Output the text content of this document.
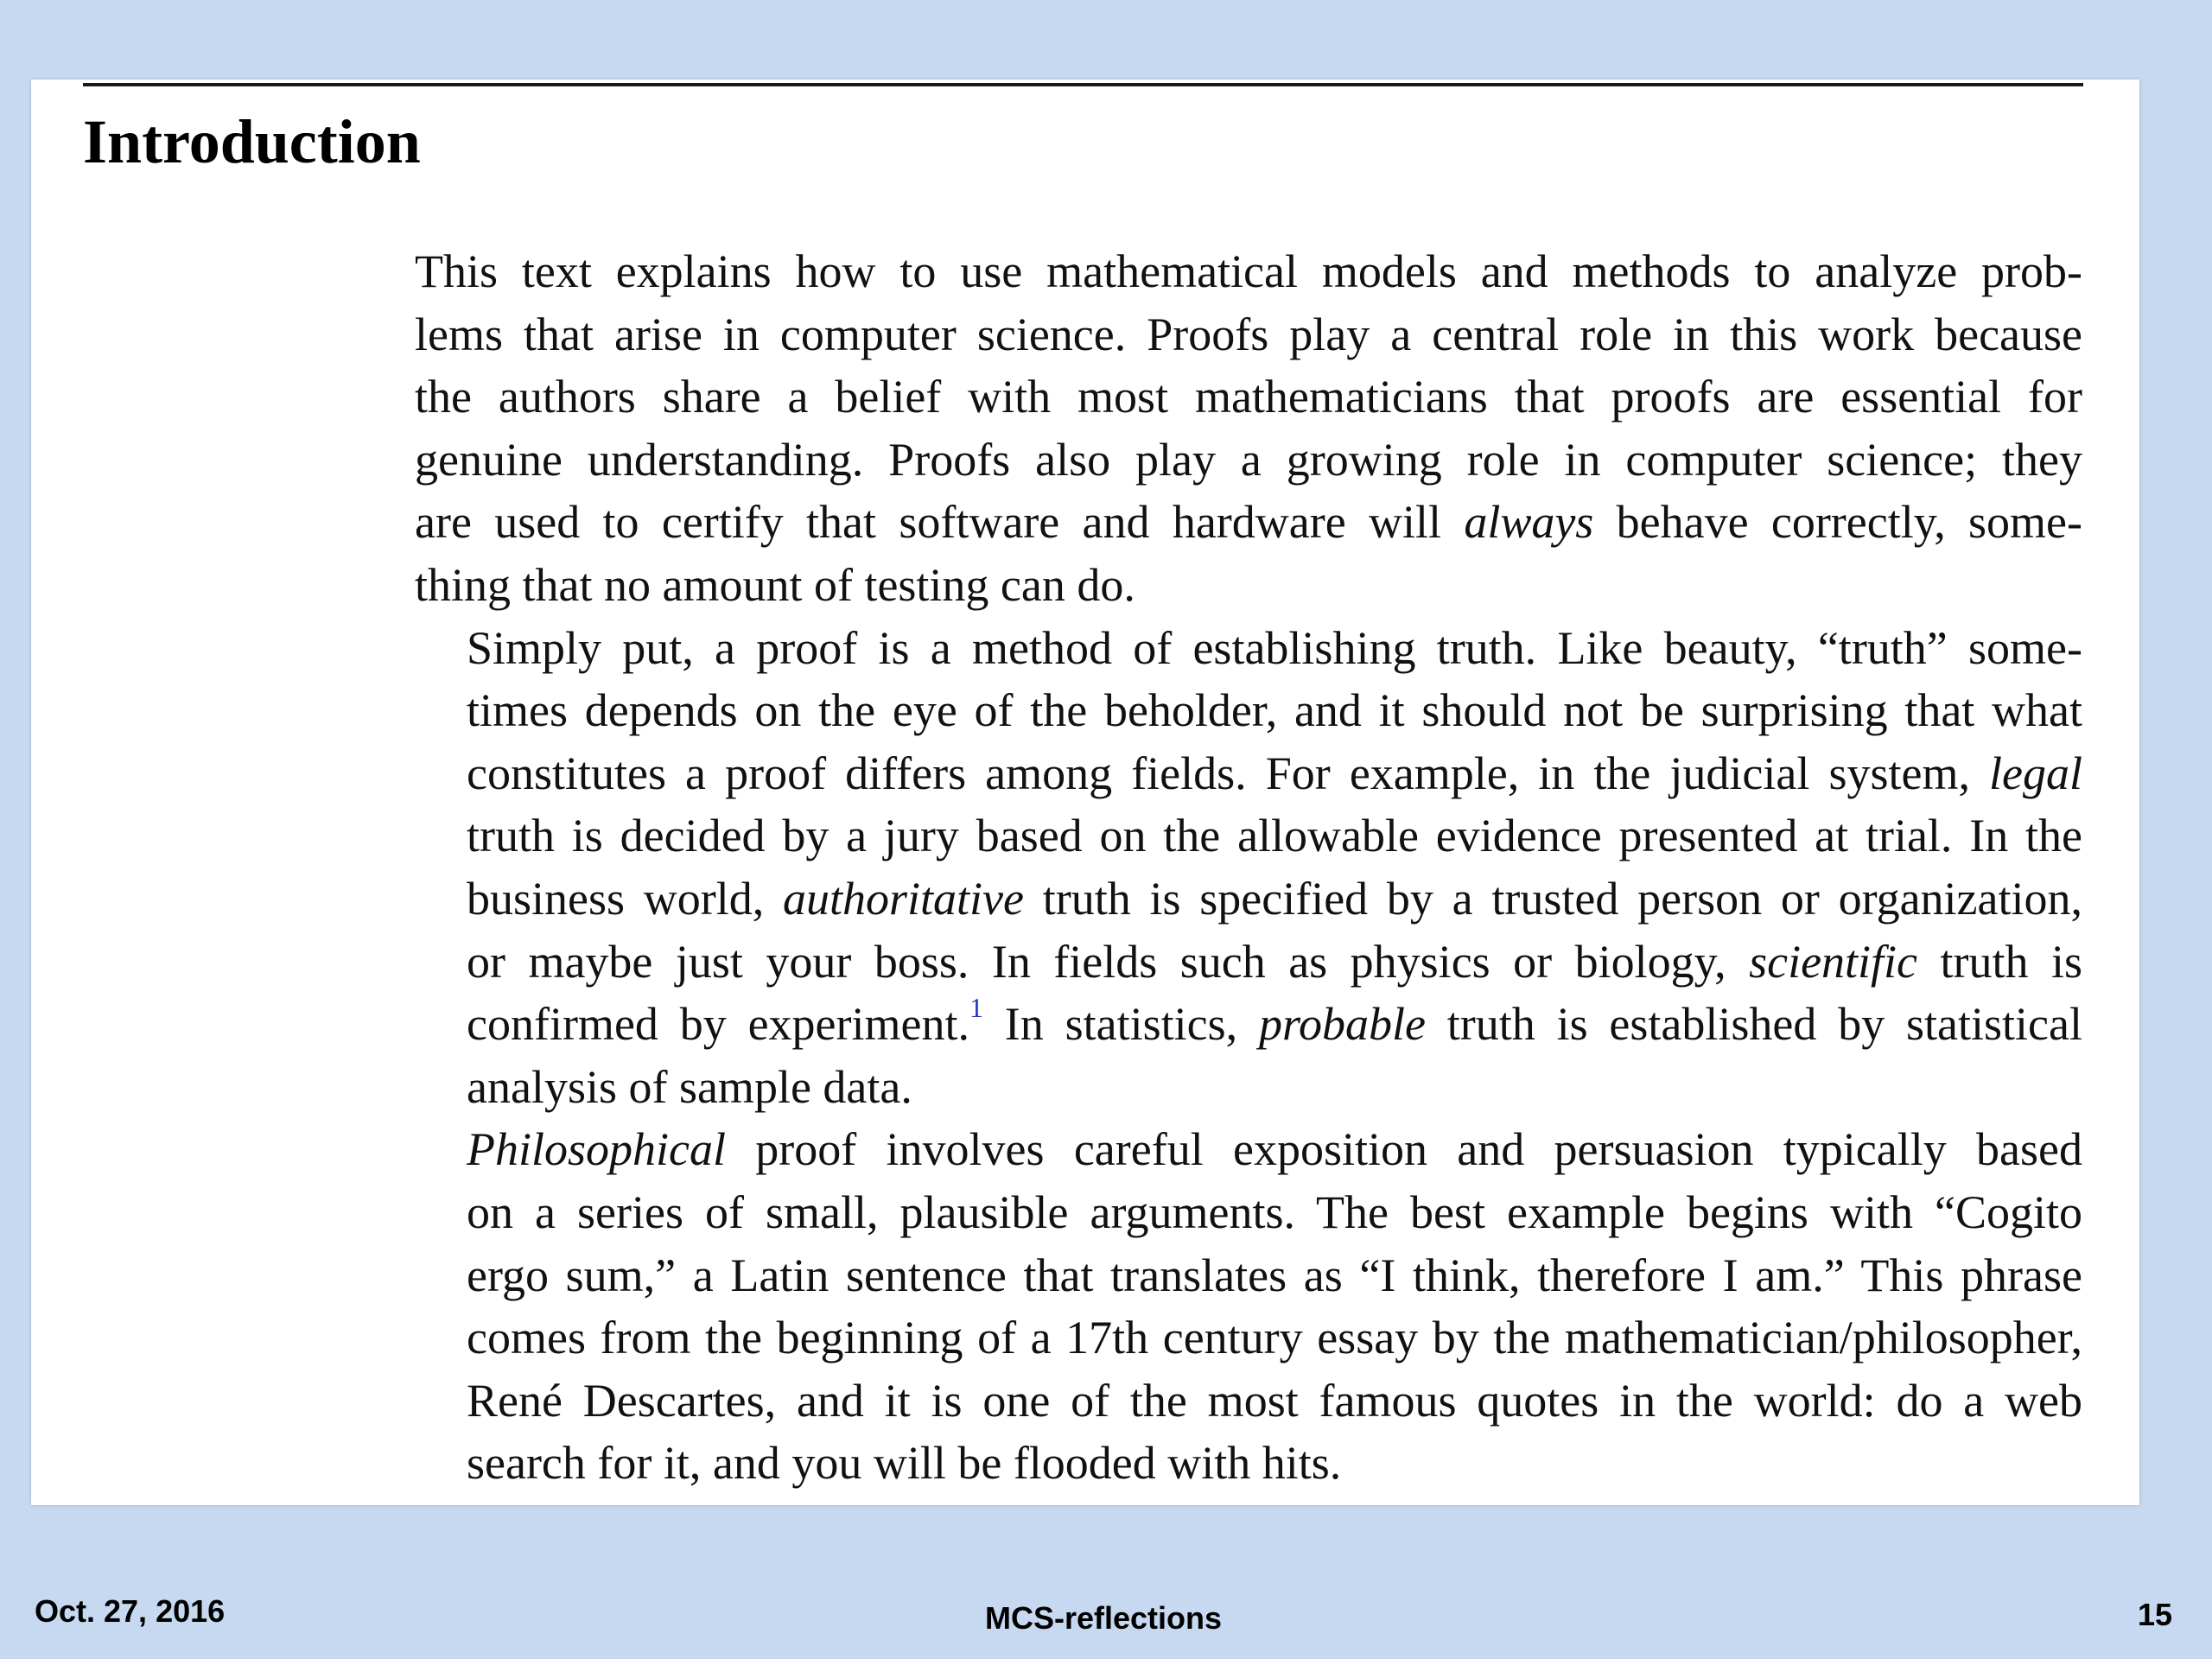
Introduction

This text explains how to use mathematical models and methods to analyze prob-
lems that arise in computer science. Proofs play a central role in this work because
the authors share a belief with most mathematicians that proofs are essential for
genuine understanding. Proofs also play a growing role in computer science; they
are used to certify that software and hardware will always behave correctly, some-
thing that no amount of testing can do.

Simply put, a proof is a method of establishing truth. Like beauty, “truth” some-
times depends on the eye of the beholder, and it should not be surprising that what
constitutes a proof differs among fields. For example, in the judicial system, legal
truth is decided by a jury based on the allowable evidence presented at trial. In the
business world, authoritative truth is specified by a trusted person or organization,
or maybe just your boss. In fields such as physics or biology, scientific truth is
confirmed by experiment.$^1$ In statistics, probable truth is established by statistical
analysis of sample data.

Philosophical proof involves careful exposition and persuasion typically based
on a series of small, plausible arguments. The best example begins with “Cogito
ergo sum,” a Latin sentence that translates as “I think, therefore I am.” This phrase
comes from the beginning of a 17th century essay by the mathematician/philosopher,
René Descartes, and it is one of the most famous quotes in the world: do a web
search for it, and you will be flooded with hits.

Oct. 27, 2016	MCS-reflections	15
